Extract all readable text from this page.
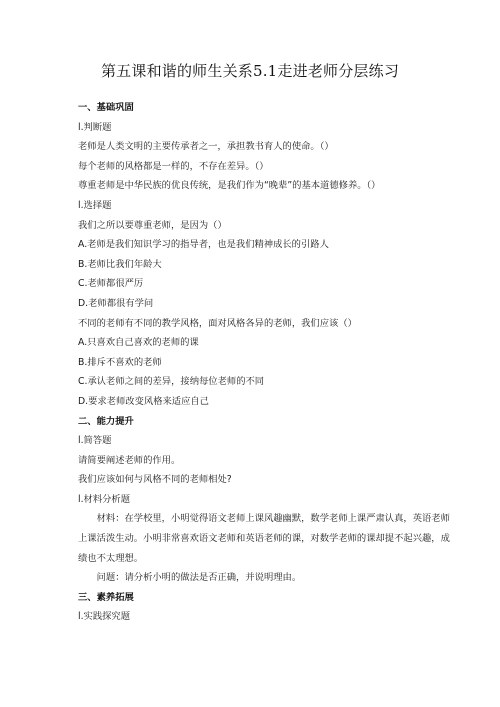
第五课和谐的师生关系5.1走进老师分层练习
一、基础巩固
l.判断题
老师是人类文明的主要传承者之一，承担教书育人的使命。（）
每个老师的风格都是一样的，不存在差异。（）
尊重老师是中华民族的优良传统，是我们作为“晚辈”的基本道德修养。（）
l.选择题
我们之所以要尊重老师，是因为（）
A.老师是我们知识学习的指导者，也是我们精神成长的引路人
B.老师比我们年龄大
C.老师都很严厉
D.老师都很有学问
不同的老师有不同的教学风格，面对风格各异的老师，我们应该（）
A.只喜欢自己喜欢的老师的课
B.排斥不喜欢的老师
C.承认老师之间的差异，接纳每位老师的不同
D.要求老师改变风格来适应自己
二、能力提升
l.简答题
请简要阐述老师的作用。
我们应该如何与风格不同的老师相处?
l.材料分析题
材料：在学校里，小明觉得语文老师上课风趣幽默，数学老师上课严肃认真，英语老师上课活泼生动。小明非常喜欢语文老师和英语老师的课，对数学老师的课却提不起兴趣，成绩也不太理想。
问题：请分析小明的做法是否正确，并说明理由。
三、素养拓展
l.实践探究题
